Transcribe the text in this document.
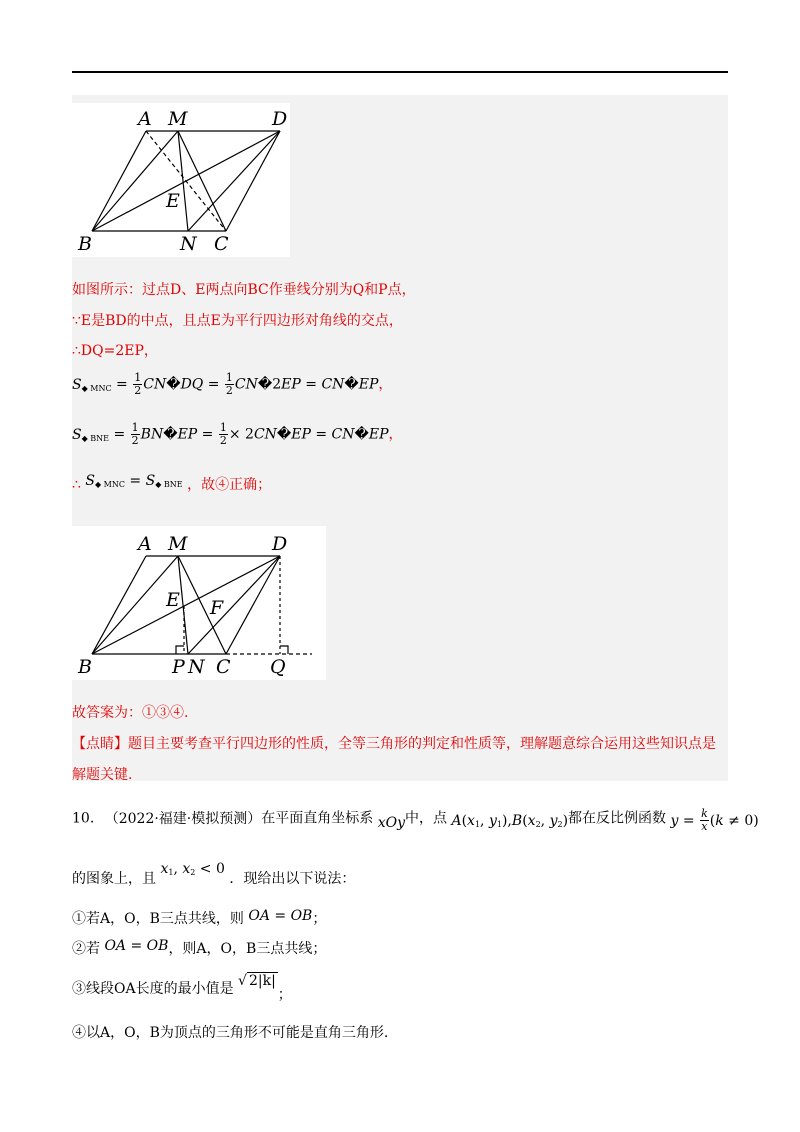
A M	D
E
B	N C
如图所示：过点D、E两点向BC作垂线分别为Q和P点，
∵E是BD的中点，且点E为平行四边形对角线的交点，
∴DQ=2EP，
$S_{◆ MNC} = \frac{1}{2}$ CN�DQ = $\frac{1}{2}$ CN�2EP = CN�EP，
$S_{◆ BNE} = \frac{1}{2}$ BN�EP = $\frac{1}{2}$ × 2CN�EP = CN�EP，
∴ $S_{◆ MNC} = S_{◆ BNE}$ ，故④正确；
A M	D
E F
B	P N C Q
故答案为：①③④.
【点睛】题目主要考查平行四边形的性质，全等三角形的判定和性质等，理解题意综合运用这些知识点是
解题关键.
10. （2022·福建·模拟预测）在平面直角坐标系 xOy中，点 $A(x_1$, $y_1),B(x_2$, $y_2$)都在反比例函数 $y = \frac{k}{x} (k \ne 0)$
的图象上，且 $x_1$, $x_2 < 0$ ．现给出以下说法：
①若A，O，B三点共线，则 OA = OB；
②若 OA = OB，则A，O，B三点共线；
③线段OA长度的最小值是 √ 2|k|；
④以A，O，B为顶点的三角形不可能是直角三角形.
